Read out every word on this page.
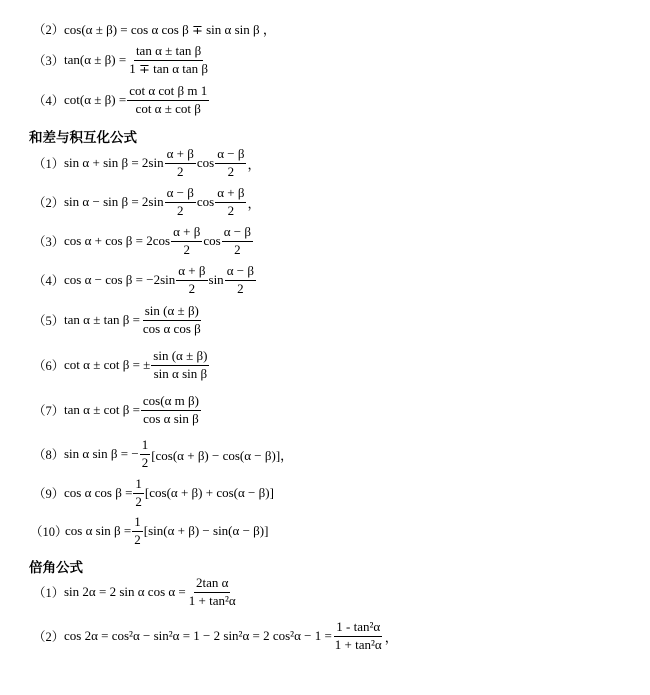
（2） cos(α ± β) = cos α cos β ∓ sin α sin β ，
（3） $\tan(\alpha \pm \beta) = \frac{\text{tan α ± tan β}}{\text{1 ∓ tan α tan β}}$
（4） $\cot(\alpha \pm \beta) = \frac{\text{cot α cot β m 1}}{\text{cot α ± cot β}}$
和差与积互化公式
（1） $\sin \alpha + \sin \beta = 2\sin \frac{\alpha + \beta}{2}$ $\cos \frac{\alpha - \beta}{2}$ ，
（2） $\sin \alpha - \sin \beta = 2\sin \frac{\alpha - \beta}{2}$ $\cos \frac{\alpha + \beta}{2}$ ，
（3） $\cos \alpha + \cos \beta = 2\cos \frac{\alpha + \beta}{2}$ $\cos \frac{\alpha - \beta}{2}$
（4） $\cos \alpha - \cos \beta = -2\sin \frac{\alpha + \beta}{2}$ $\sin \frac{\alpha - \beta}{2}$
（5） $\tan \alpha \pm \tan \beta = \frac{\sin (\alpha \pm \beta)}{\text{cos α cos β}}$
（6） cot α ± cot β = ± $\frac{\sin (\alpha \pm \beta)}{\text{sin α sin β}}$
（7） $\tan \alpha \pm \cot \beta = \frac{\text{cos(α m β)}}{\text{cos α sin β}}$
（8） sin α sin β = − $\frac{1}{2} [\cos(\alpha + \beta) - \cos(\alpha - \beta)]$，
（9） cos α $\cos \beta = \frac{1}{2} [\cos(\alpha + \beta) + \cos(\alpha - \beta)]$
（10）
cos α $\sin \beta = \frac{1}{2} [\sin(\alpha + \beta) - \sin(\alpha - \beta)]$
倍角公式
（1） sin 2α = 2 sin α $\cos \alpha = \frac{\text{2tan α}}{\text{1 + tan²α}}$
（2） cos 2α = cos²α − sin²α = 1 − 2 sin²α = 2 $\cos^2\alpha - 1 = \frac{\text{1 - tan²α}}{\text{1 + tan²α}}$ ，
